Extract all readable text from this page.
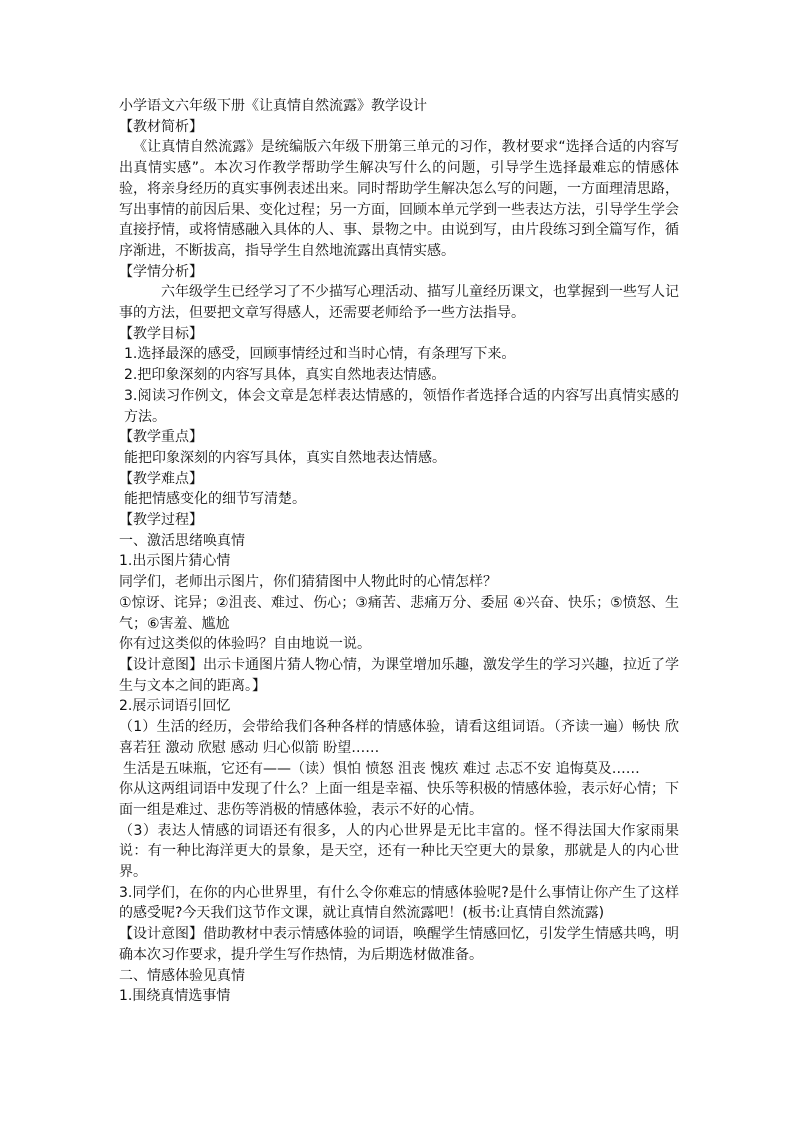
小学语文六年级下册《让真情自然流露》教学设计

【教材简析】

《让真情自然流露》是统编版六年级下册第三单元的习作，教材要求“选择合适的内容写出真情实感”。本次习作教学帮助学生解决写什么的问题，引导学生选择最难忘的情感体验，将亲身经历的真实事例表述出来。同时帮助学生解决怎么写的问题，一方面理清思路，写出事情的前因后果、变化过程；另一方面，回顾本单元学到一些表达方法，引导学生学会直接抒情，或将情感融入具体的人、事、景物之中。由说到写，由片段练习到全篇写作，循序渐进，不断拔高，指导学生自然地流露出真情实感。

【学情分析】

六年级学生已经学习了不少描写心理活动、描写儿童经历课文，也掌握到一些写人记事的方法，但要把文章写得感人，还需要老师给予一些方法指导。

【教学目标】

1.选择最深的感受，回顾事情经过和当时心情，有条理写下来。

2.把印象深刻的内容写具体，真实自然地表达情感。

3.阅读习作例文，体会文章是怎样表达情感的，领悟作者选择合适的内容写出真情实感的方法。

【教学重点】

能把印象深刻的内容写具体，真实自然地表达情感。

【教学难点】

能把情感变化的细节写清楚。

【教学过程】

一、激活思绪唤真情

1.出示图片猜心情

同学们，老师出示图片，你们猜猜图中人物此时的心情怎样？

①惊讶、诧异；②沮丧、难过、伤心；③痛苦、悲痛万分、委屈 ④兴奋、快乐；⑤愤怒、生气；⑥害羞、尴尬

你有过这类似的体验吗？自由地说一说。

【设计意图】出示卡通图片猜人物心情，为课堂增加乐趣，激发学生的学习兴趣，拉近了学生与文本之间的距离。】

2.展示词语引回忆

（1）生活的经历，会带给我们各种各样的情感体验，请看这组词语。（齐读一遍）畅快 欣喜若狂 激动 欣慰 感动 归心似箭 盼望……

生活是五味瓶，它还有——（读）惧怕 愤怒 沮丧 愧疚 难过 忐忑不安 追悔莫及……

你从这两组词语中发现了什么？上面一组是幸福、快乐等积极的情感体验，表示好心情；下面一组是难过、悲伤等消极的情感体验，表示不好的心情。

（3）表达人情感的词语还有很多，人的内心世界是无比丰富的。怪不得法国大作家雨果说：有一种比海洋更大的景象，是天空，还有一种比天空更大的景象，那就是人的内心世界。

3.同学们，在你的内心世界里，有什么令你难忘的情感体验呢?是什么事情让你产生了这样的感受呢?今天我们这节作文课，就让真情自然流露吧！(板书:让真情自然流露)

【设计意图】借助教材中表示情感体验的词语，唤醒学生情感回忆，引发学生情感共鸣，明确本次习作要求，提升学生写作热情，为后期选材做准备。

二、情感体验见真情

1.围绕真情选事情
